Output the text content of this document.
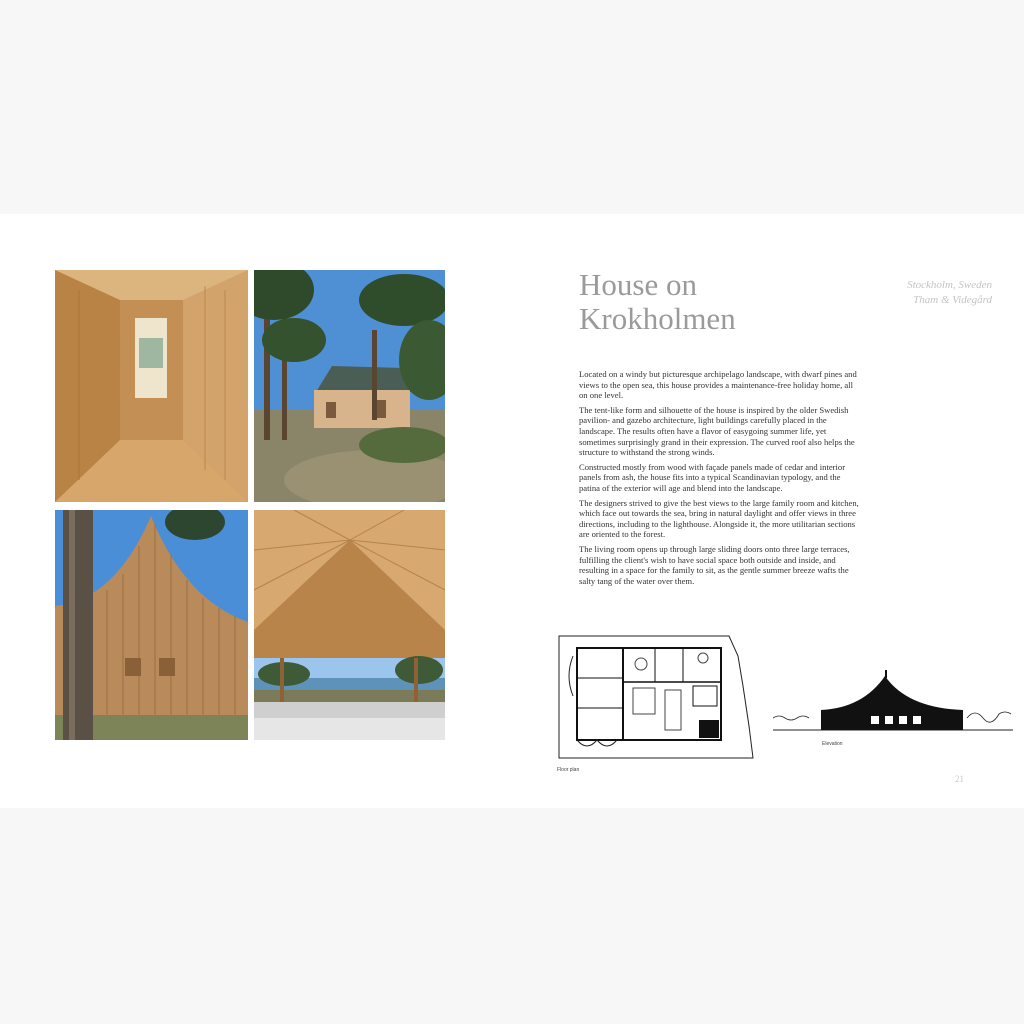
House on
Krokholmen
Stockholm, Sweden
Tham & Videgård

Located on a windy but picturesque archipelago landscape, with dwarf pines and views to the open sea, this house provides a maintenance-free holiday home, all on one level.

The tent-like form and silhouette of the house is inspired by the older Swedish pavilion- and gazebo architecture, light buildings carefully placed in the landscape. The results often have a flavor of easygoing summer life, yet sometimes surprisingly grand in their expression. The curved roof also helps the structure to withstand the strong winds.

Constructed mostly from wood with façade panels made of cedar and interior panels from ash, the house fits into a typical Scandinavian typology, and the patina of the exterior will age and blend into the landscape.

The designers strived to give the best views to the large family room and kitchen, which face out towards the sea, bring in natural daylight and offer views in three directions, including to the lighthouse. Alongside it, the more utilitarian sections are oriented to the forest.

The living room opens up through large sliding doors onto three large terraces, fulfilling the client's wish to have social space both outside and inside, and resulting in a space for the family to sit, as the gentle summer breeze wafts the salty tang of the water over them.

Floor plan
Elevation
21
